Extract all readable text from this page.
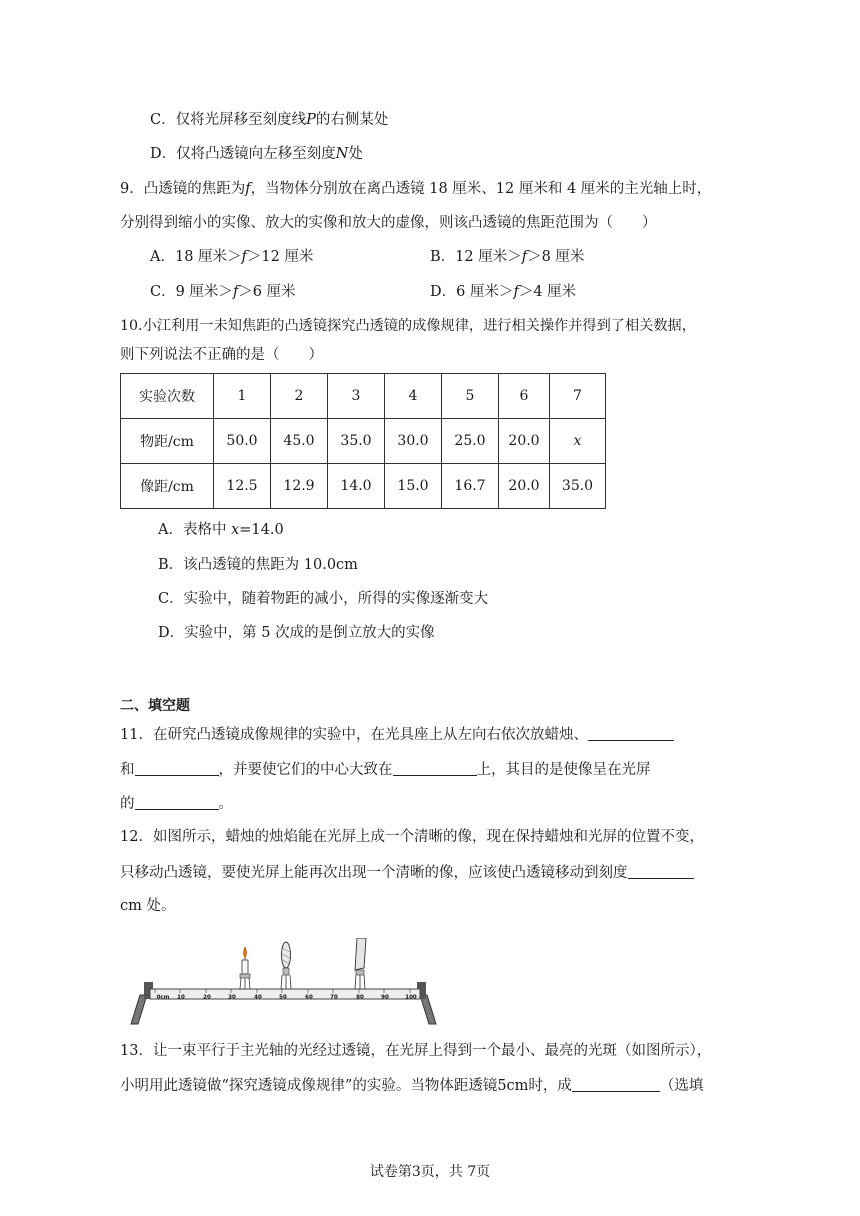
C．仅将光屏移至刻度线P的右侧某处
D．仅将凸透镜向左移至刻度N处
9．凸透镜的焦距为f，当物体分别放在离凸透镜 18 厘米、12 厘米和 4 厘米的主光轴上时，
分别得到缩小的实像、放大的实像和放大的虚像，则该凸透镜的焦距范围为（　　）
A．18 厘米＞f＞12 厘米	B．12 厘米＞f＞8 厘米
C．9 厘米＞f＞6 厘米	D．6 厘米＞f＞4 厘米
10.小江利用一未知焦距的凸透镜探究凸透镜的成像规律，进行相关操作并得到了相关数据，
则下列说法不正确的是（　　）
实验次数	1	2	3	4	5	6	7
物距/cm	50.0	45.0	35.0	30.0	25.0	20.0	x
像距/cm	12.5	12.9	14.0	15.0	16.7	20.0	35.0
A．表格中 x=14.0
B．该凸透镜的焦距为 10.0cm
C．实验中，随着物距的减小，所得的实像逐渐变大
D．实验中，第 5 次成的是倒立放大的实像
二、填空题
11．在研究凸透镜成像规律的实验中，在光具座上从左向右依次放蜡烛、
和	，并要使它们的中心大致在	上，其目的是使像呈在光屏
的	。
12．如图所示，蜡烛的烛焰能在光屏上成一个清晰的像，现在保持蜡烛和光屏的位置不变，
只移动凸透镜，要使光屏上能再次出现一个清晰的像，应该使凸透镜移动到刻度
cm 处。
0cm 10	20	30	40	50	60	70	80	90	100
13．让一束平行于主光轴的光经过透镜，在光屏上得到一个最小、最亮的光斑（如图所示），
小明用此透镜做“探究透镜成像规律”的实验。当物体距透镜5cm时，成	（选填
试卷第3页，共 7页
